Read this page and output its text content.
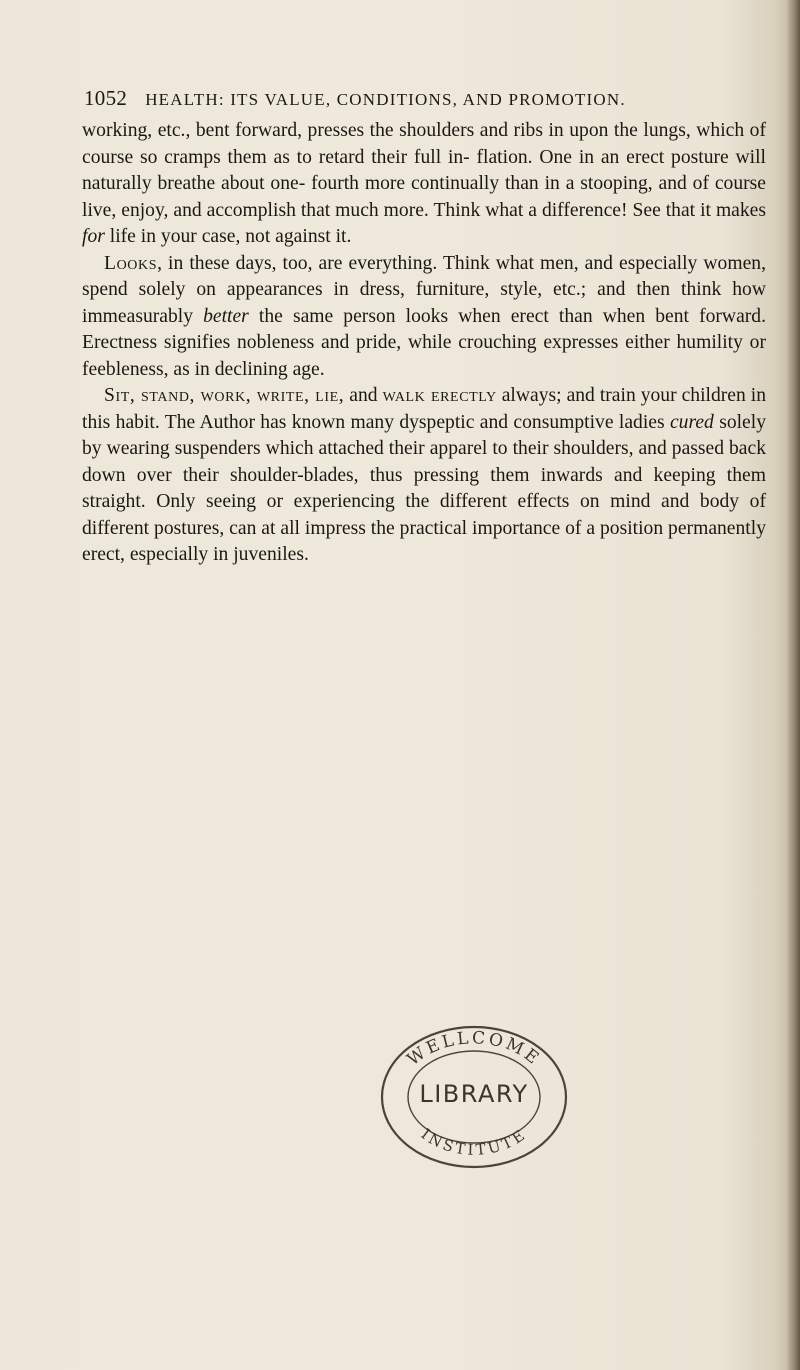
1052 HEALTH: ITS VALUE, CONDITIONS, AND PROMOTION.

working, etc., bent forward, presses the shoulders and ribs in upon the lungs, which of course so cramps them as to retard their full in- flation. One in an erect posture will naturally breathe about one- fourth more continually than in a stooping, and of course live, enjoy, and accomplish that much more. Think what a difference! See that it makes for life in your case, not against it.

Looks, in these days, too, are everything. Think what men, and especially women, spend solely on appearances in dress, furniture, style, etc.; and then think how immeasurably better the same person looks when erect than when bent forward. Erectness signifies nobleness and pride, while crouching expresses either humility or feebleness, as in declining age.

Sit, stand, work, write, lie, and walk erectly always; and train your children in this habit. The Author has known many dyspeptic and consumptive ladies cured solely by wearing suspenders which attached their apparel to their shoulders, and passed back down over their shoulder-blades, thus pressing them inwards and keeping them straight. Only seeing or experiencing the different effects on mind and body of different postures, can at all impress the practical importance of a position permanently erect, especially in juveniles.

WELLCOME
INSTITUTE
LIBRARY
